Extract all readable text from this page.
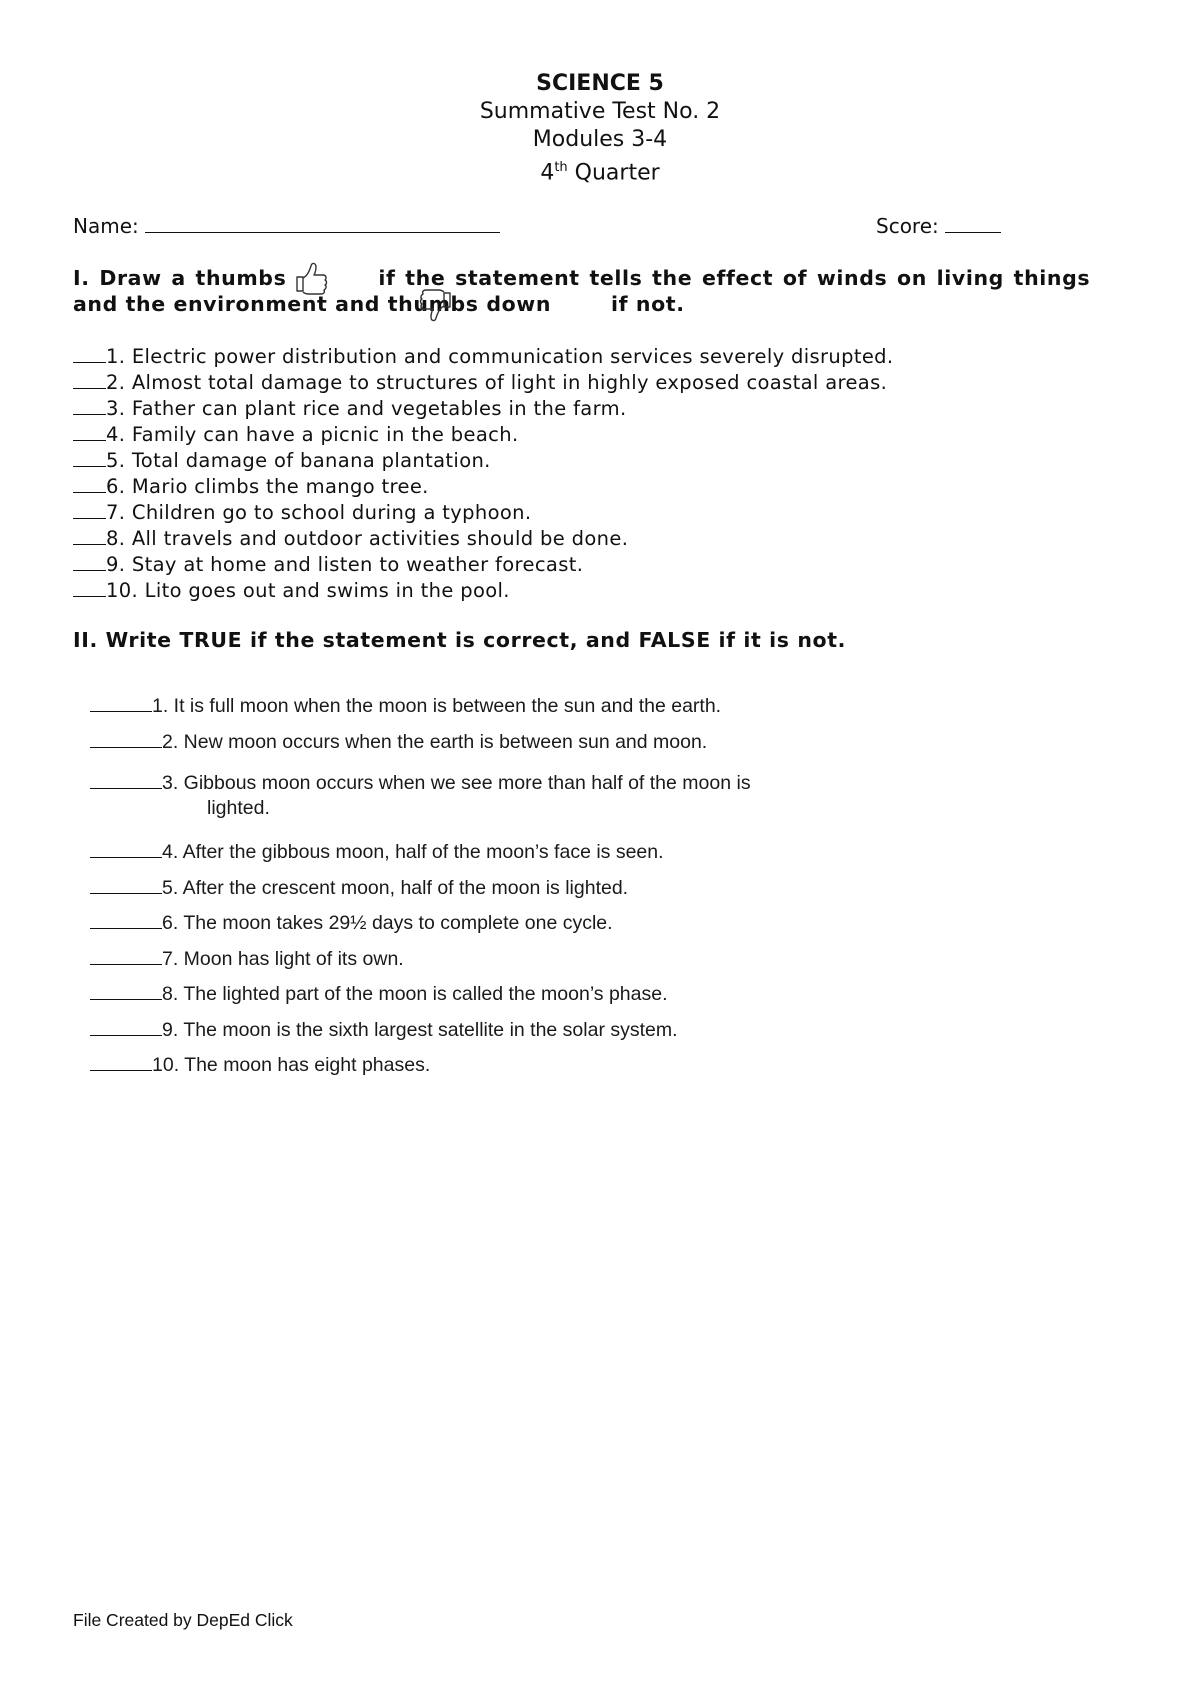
SCIENCE 5
Summative Test No. 2
Modules 3-4
4th Quarter
Name:	Score:
I. Draw a thumbs	if the statement tells the effect of winds on living things
and the environment and thumbs down	if not.
1. Electric power distribution and communication services severely disrupted.
2. Almost total damage to structures of light in highly exposed coastal areas.
3. Father can plant rice and vegetables in the farm.
4. Family can have a picnic in the beach.
5. Total damage of banana plantation.
6. Mario climbs the mango tree.
7. Children go to school during a typhoon.
8. All travels and outdoor activities should be done.
9. Stay at home and listen to weather forecast.
10. Lito goes out and swims in the pool.
II. Write TRUE if the statement is correct, and FALSE if it is not.
1. It is full moon when the moon is between the sun and the earth.
2. New moon occurs when the earth is between sun and moon.
3. Gibbous moon occurs when we see more than half of the moon is
lighted.
4. After the gibbous moon, half of the moon’s face is seen.
5. After the crescent moon, half of the moon is lighted.
6. The moon takes 29½ days to complete one cycle.
7. Moon has light of its own.
8. The lighted part of the moon is called the moon’s phase.
9. The moon is the sixth largest satellite in the solar system.
10. The moon has eight phases.
File Created by DepEd Click
